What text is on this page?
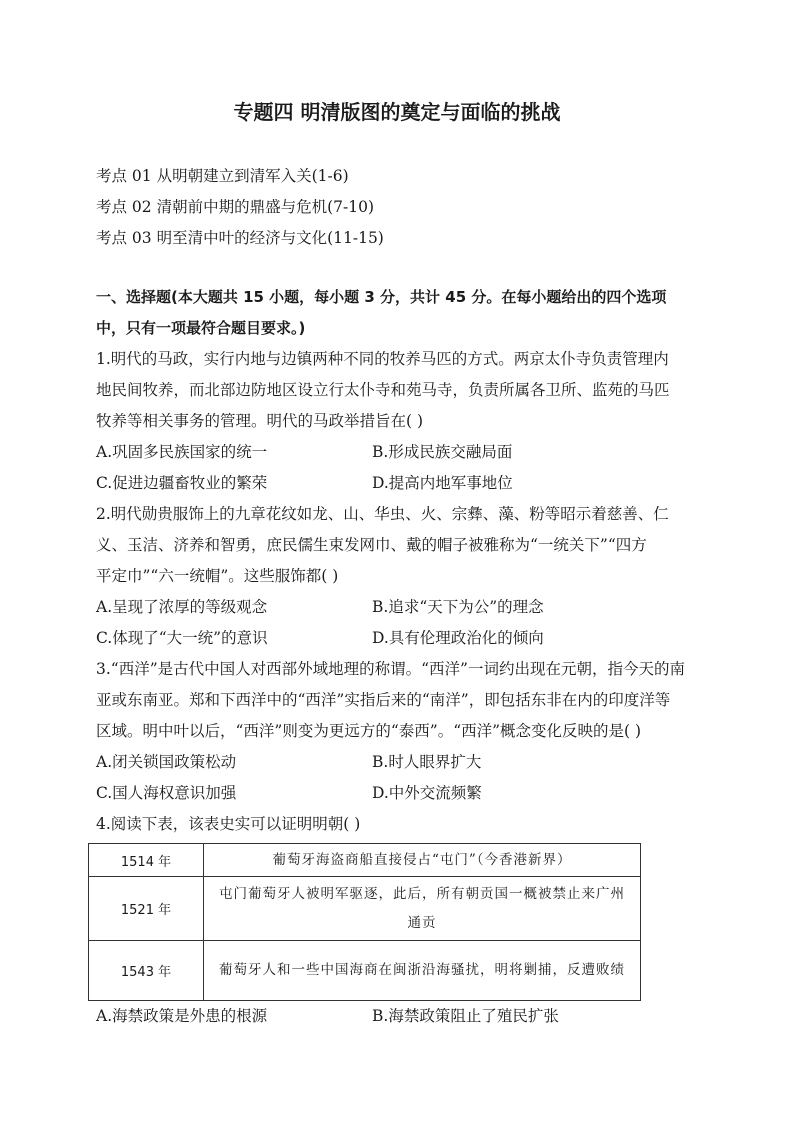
专题四 明清版图的奠定与面临的挑战
考点 01 从明朝建立到清军入关(1-6)
考点 02 清朝前中期的鼎盛与危机(7-10)
考点 03 明至清中叶的经济与文化(11-15)
一、选择题(本大题共 15 小题，每小题 3 分，共计 45 分。在每小题给出的四个选项
中，只有一项最符合题目要求。)
1.明代的马政，实行内地与边镇两种不同的牧养马匹的方式。两京太仆寺负责管理内
地民间牧养，而北部边防地区设立行太仆寺和苑马寺，负责所属各卫所、监苑的马匹
牧养等相关事务的管理。明代的马政举措旨在( )
A.巩固多民族国家的统一	B.形成民族交融局面
C.促进边疆畜牧业的繁荣	D.提高内地军事地位
2.明代勋贵服饰上的九章花纹如龙、山、华虫、火、宗彝、藻、粉等昭示着慈善、仁
义、玉洁、济养和智勇，庶民儒生束发网巾、戴的帽子被雅称为“一统关下”“四方
平定巾”“六一统帽”。这些服饰都( )
A.呈现了浓厚的等级观念	B.追求“天下为公”的理念
C.体现了“大一统”的意识	D.具有伦理政治化的倾向
3.“西洋”是古代中国人对西部外域地理的称谓。“西洋”一词约出现在元朝，指今天的南
亚或东南亚。郑和下西洋中的“西洋”实指后来的“南洋”，即包括东非在内的印度洋等
区域。明中叶以后，“西洋”则变为更远方的“泰西”。“西洋”概念变化反映的是( )
A.闭关锁国政策松动	B.时人眼界扩大
C.国人海权意识加强	D.中外交流频繁
4.阅读下表，该表史实可以证明明朝( )
1514 年	葡萄牙海盗商船直接侵占“屯门”（今香港新界）
1521 年	屯门葡萄牙人被明军驱逐，此后，所有朝贡国一概被禁止来广州通贡
1543 年	葡萄牙人和一些中国海商在闽浙沿海骚扰，明将剿捕，反遭败绩
A.海禁政策是外患的根源	B.海禁政策阻止了殖民扩张
